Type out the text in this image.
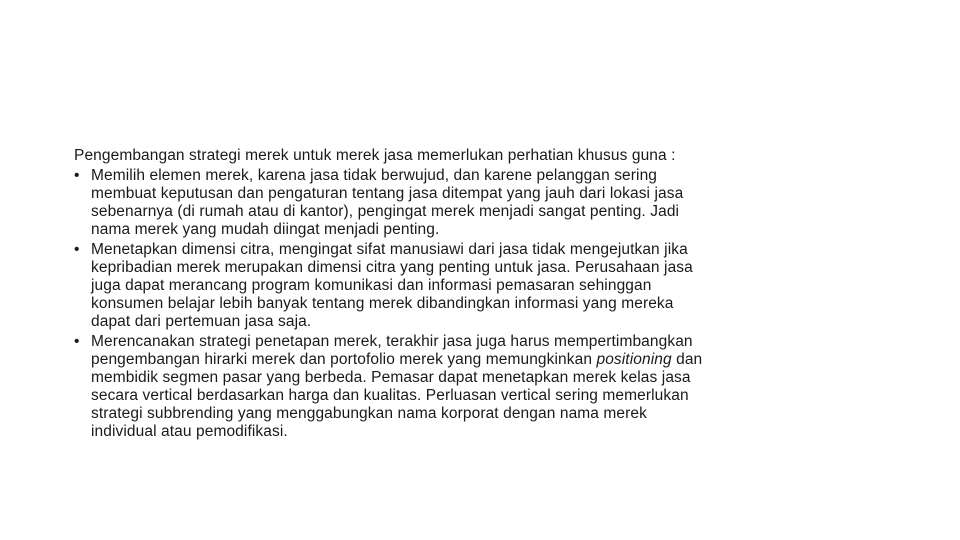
Pengembangan strategi merek untuk merek jasa memerlukan perhatian khusus guna :

• Memilih elemen merek, karena jasa tidak berwujud, dan karene pelanggan sering
membuat keputusan dan pengaturan tentang jasa ditempat yang jauh dari lokasi jasa
sebenarnya (di rumah atau di kantor), pengingat merek menjadi sangat penting. Jadi
nama merek yang mudah diingat menjadi penting.
• Menetapkan dimensi citra, mengingat sifat manusiawi dari jasa tidak mengejutkan jika
kepribadian merek merupakan dimensi citra yang penting untuk jasa. Perusahaan jasa
juga dapat merancang program komunikasi dan informasi pemasaran sehinggan
konsumen belajar lebih banyak tentang merek dibandingkan informasi yang mereka
dapat dari pertemuan jasa saja.
• Merencanakan strategi penetapan merek, terakhir jasa juga harus mempertimbangkan
pengembangan hirarki merek dan portofolio merek yang memungkinkan positioning dan
membidik segmen pasar yang berbeda. Pemasar dapat menetapkan merek kelas jasa
secara vertical berdasarkan harga dan kualitas. Perluasan vertical sering memerlukan
strategi subbrending yang menggabungkan nama korporat dengan nama merek
individual atau pemodifikasi.
